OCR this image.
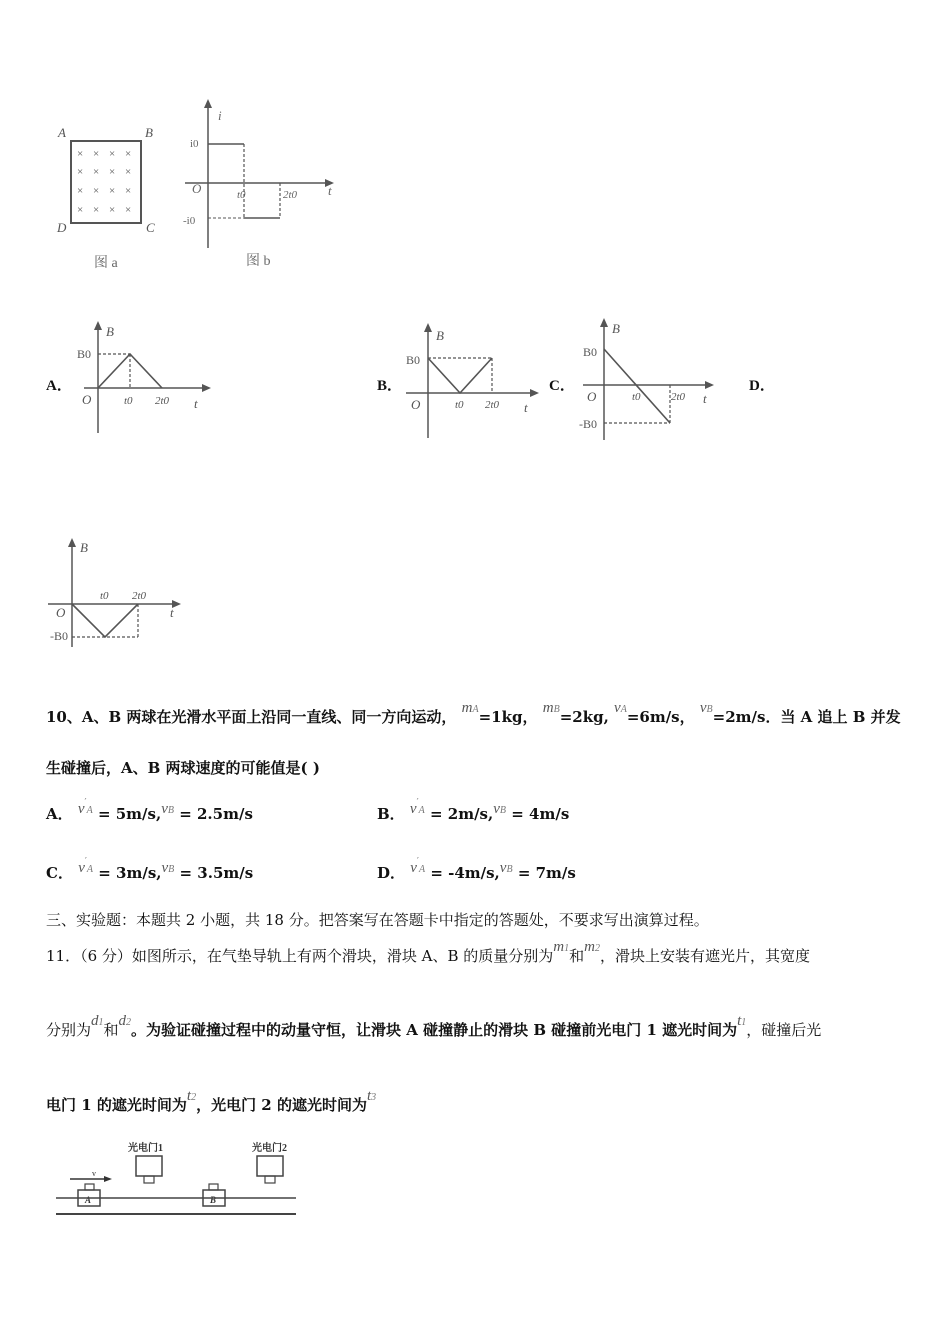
A	B
C
D
× × × ×
× × × ×
× × × ×
× × × ×
图 a
i
t
O
i0
-i0
t0	2t0
图 b
A．
B
t
O
B0
t0 2t0
B．
B
t
O
B0
t0 2t0
C．
B
t
O
B0
-B0
t0	2t0
D．
B
t
O
-B0
t0 2t0
10、A、B 两球在光滑水平面上沿同一直线、同一方向运动， mA=1kg， mB=2kg, vA=6m/s， vB=2m/s．当 A 追上 B 并发
生碰撞后，A、B 两球速度的可能值是( )
A． v′A = 5m/s,vB = 2.5m/s	B． v′A = 2m/s,vB = 4m/s
C． v′A = 3m/s,vB = 3.5m/s	D． v′A = -4m/s,vB = 7m/s
三、实验题：本题共 2 小题，共 18 分。把答案写在答题卡中指定的答题处，不要求写出演算过程。
11．（6 分）如图所示，在气垫导轨上有两个滑块，滑块 A、B 的质量分别为m1和m2，滑块上安装有遮光片，其宽度
分别为d1和d2。为验证碰撞过程中的动量守恒，让滑块 A 碰撞静止的滑块 B 碰撞前光电门 1 遮光时间为t1，碰撞后光
电门 1 的遮光时间为t2，光电门 2 的遮光时间为t3
光电门1	光电门2
v
A	B
